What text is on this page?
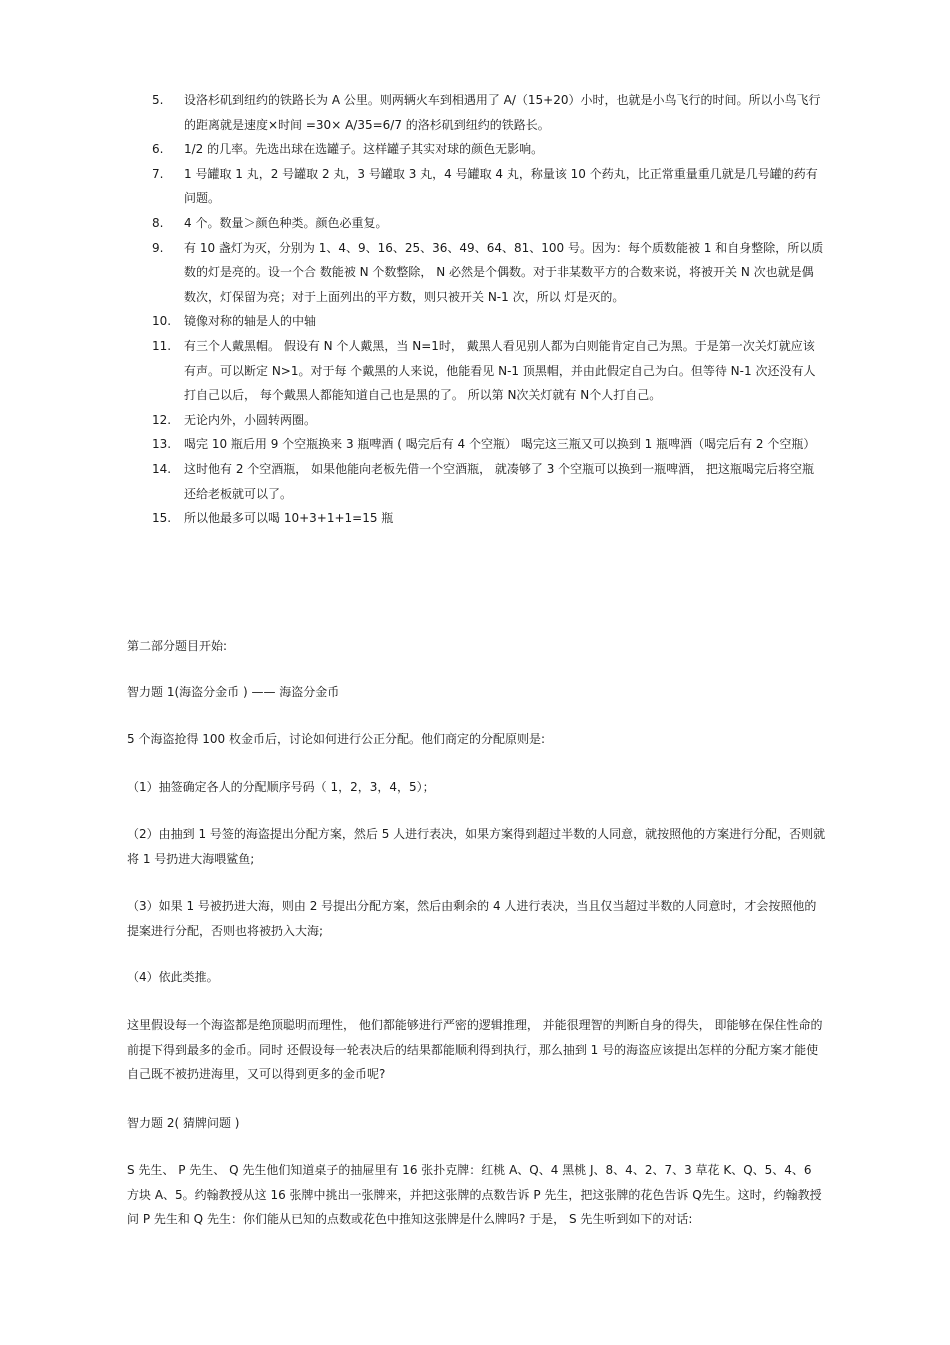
5. 设洛杉矶到纽约的铁路长为 A 公里。则两辆火车到相遇用了 A/（15+20）小时，也就是小鸟飞行的时间。所以小鸟飞行的距离就是速度×时间 =30× A/35=6/7 的洛杉矶到纽约的铁路长。
6. 1/2 的几率。先选出球在选罐子。这样罐子其实对球的颜色无影响。
7. 1 号罐取 1 丸，2 号罐取 2 丸，3 号罐取 3 丸，4 号罐取 4 丸，称量该 10 个药丸，比正常重量重几就是几号罐的药有问题。
8. 4 个。数量＞颜色种类。颜色必重复。
9. 有 10 盏灯为灭，分别为 1、4、9、16、25、36、49、64、81、100 号。因为：每个质数能被 1 和自身整除，所以质数的灯是亮的。设一个合 数能被 N 个数整除， N 必然是个偶数。对于非某数平方的合数来说，将被开关 N 次也就是偶数次，灯保留为亮；对于上面列出的平方数，则只被开关 N-1 次，所以 灯是灭的。
10. 镜像对称的轴是人的中轴
11. 有三个人戴黑帽。 假设有 N 个人戴黑，当 N=1时， 戴黑人看见别人都为白则能肯定自己为黑。于是第一次关灯就应该有声。可以断定 N>1。对于每 个戴黑的人来说，他能看见 N-1 顶黑帽，并由此假定自己为白。但等待 N-1 次还没有人打自己以后， 每个戴黑人都能知道自己也是黑的了。 所以第 N次关灯就有 N个人打自己。
12. 无论内外，小圆转两圈。
13. 喝完 10 瓶后用 9 个空瓶换来 3 瓶啤酒 ( 喝完后有 4 个空瓶） 喝完这三瓶又可以换到 1 瓶啤酒（喝完后有 2 个空瓶）
14. 这时他有 2 个空酒瓶， 如果他能向老板先借一个空酒瓶， 就凑够了 3 个空瓶可以换到一瓶啤酒， 把这瓶喝完后将空瓶还给老板就可以了。
15. 所以他最多可以喝 10+3+1+1=15 瓶

第二部分题目开始:

智力题 1(海盗分金币 ) —— 海盗分金币

5 个海盗抢得 100 枚金币后，讨论如何进行公正分配。他们商定的分配原则是:

（1）抽签确定各人的分配顺序号码（ 1，2，3，4，5）；

（2）由抽到 1 号签的海盗提出分配方案，然后 5 人进行表决，如果方案得到超过半数的人同意，就按照他的方案进行分配，否则就将 1 号扔进大海喂鲨鱼;

（3）如果 1 号被扔进大海，则由 2 号提出分配方案，然后由剩余的 4 人进行表决，当且仅当超过半数的人同意时，才会按照他的提案进行分配，否则也将被扔入大海;

（4）依此类推。

这里假设每一个海盗都是绝顶聪明而理性， 他们都能够进行严密的逻辑推理， 并能很理智的判断自身的得失， 即能够在保住性命的前提下得到最多的金币。同时 还假设每一轮表决后的结果都能顺利得到执行，那么抽到 1 号的海盗应该提出怎样的分配方案才能使自己既不被扔进海里，又可以得到更多的金币呢?

智力题 2( 猜牌问题 )

S 先生、 P 先生、 Q 先生他们知道桌子的抽屉里有 16 张扑克牌：红桃 A、Q、4 黑桃 J、8、4、2、7、3 草花 K、Q、5、4、6 方块 A、5。约翰教授从这 16 张牌中挑出一张牌来，并把这张牌的点数告诉 P 先生，把这张牌的花色告诉 Q先生。这时，约翰教授问 P 先生和 Q 先生：你们能从已知的点数或花色中推知这张牌是什么牌吗? 于是， S 先生听到如下的对话:
